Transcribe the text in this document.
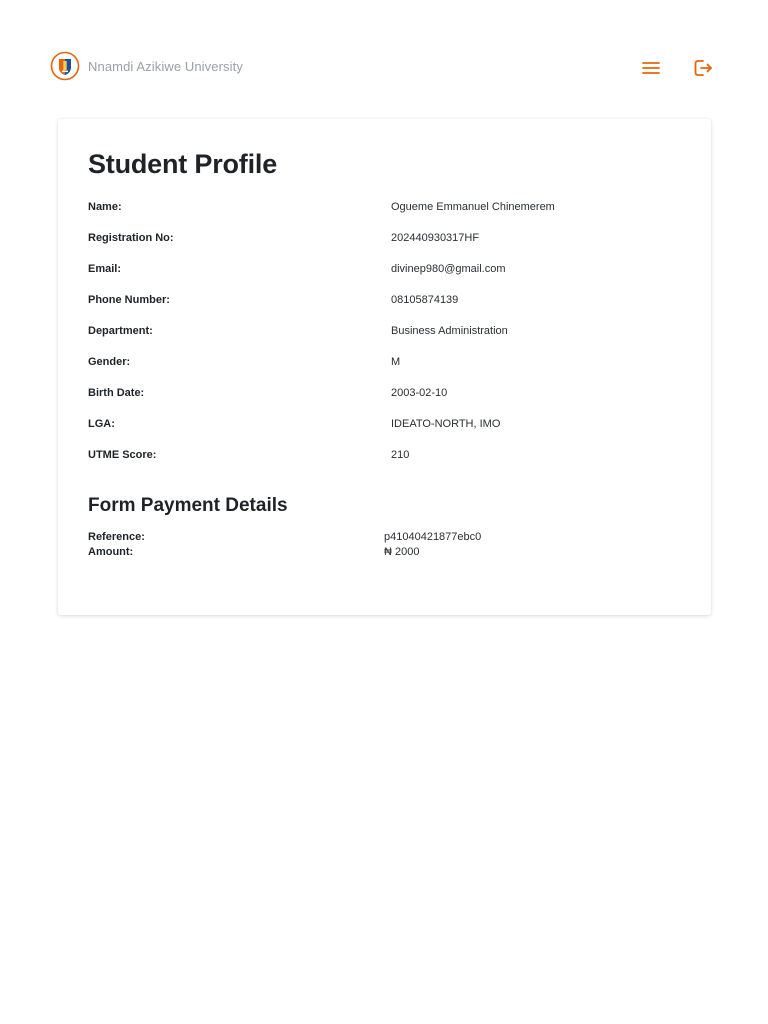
Nnamdi Azikiwe University
Student Profile
Name:	Ogueme Emmanuel Chinemerem
Registration No:	202440930317HF
Email:	divinep980@gmail.com
Phone Number:	08105874139
Department:	Business Administration
Gender:	M
Birth Date:	2003-02-10
LGA:	IDEATO-NORTH, IMO
UTME Score:	210
Form Payment Details
Reference:	p41040421877ebc0
Amount:	₦ 2000
